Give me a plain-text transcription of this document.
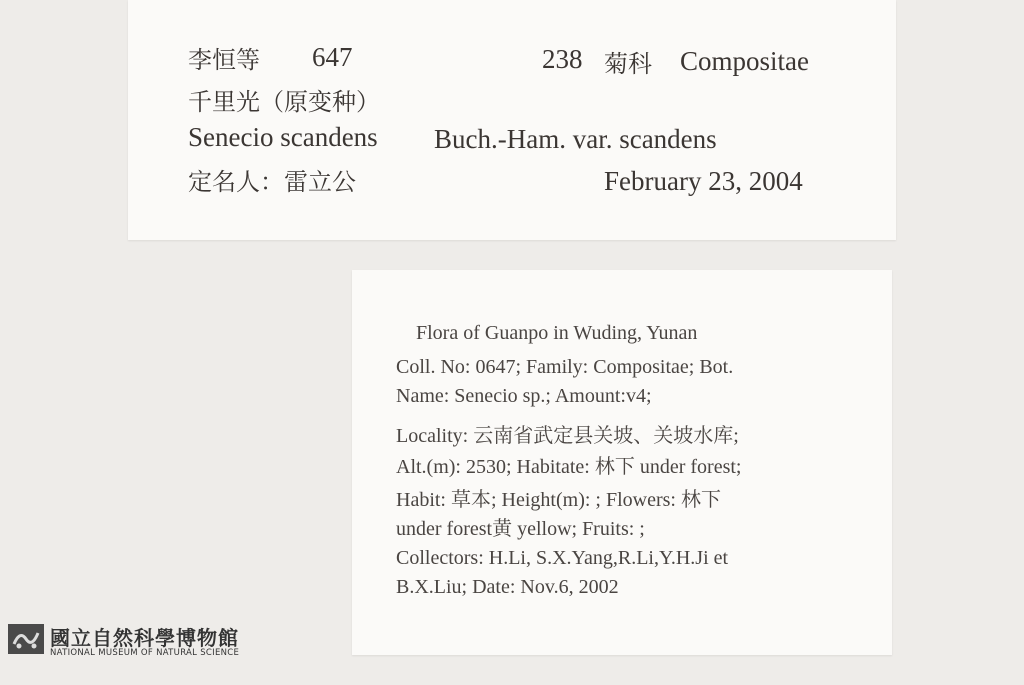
李恒等 647	238 菊科 Compositae
千里光（原变种）
Senecio scandens Buch.-Ham. var. scandens
定名人：雷立公	February 23, 2004
Flora of Guanpo in Wuding, Yunan
Coll. No: 0647; Family: Compositae; Bot.
Name: Senecio sp.; Amount:v4;
Locality: 云南省武定县关坡、关坡水库;
Alt.(m): 2530; Habitate: 林下 under forest;
Habit: 草本; Height(m): ; Flowers: 林下
under forest黄 yellow; Fruits: ;
Collectors: H.Li, S.X.Yang,R.Li,Y.H.Ji et
B.X.Liu; Date: Nov.6, 2002
國立自然科學博物館
NATIONAL MUSEUM OF NATURAL SCIENCE
